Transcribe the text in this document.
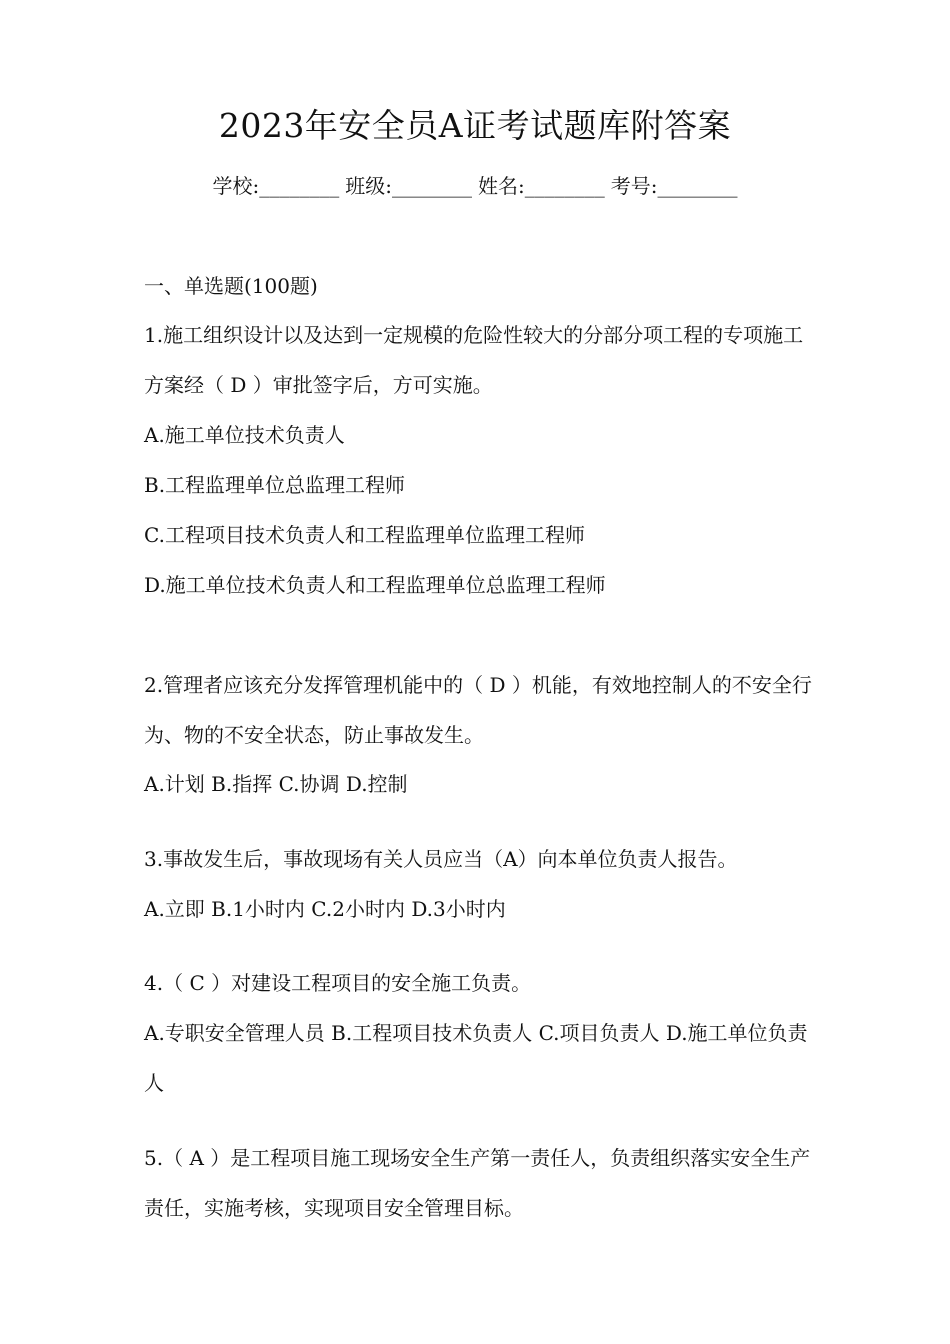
2023年安全员A证考试题库附答案
学校:________ 班级:________ 姓名:________ 考号:________
一、单选题(100题)

1.施工组织设计以及达到一定规模的危险性较大的分部分项工程的专项施工方案经（ D ）审批签字后，方可实施。

A.施工单位技术负责人
B.工程监理单位总监理工程师
C.工程项目技术负责人和工程监理单位监理工程师
D.施工单位技术负责人和工程监理单位总监理工程师

2.管理者应该充分发挥管理机能中的（ D ）机能，有效地控制人的不安全行为、物的不安全状态，防止事故发生。

A.计划 B.指挥 C.协调 D.控制

3.事故发生后，事故现场有关人员应当（A）向本单位负责人报告。

A.立即 B.1小时内 C.2小时内 D.3小时内

4.（ C ）对建设工程项目的安全施工负责。

A.专职安全管理人员 B.工程项目技术负责人 C.项目负责人 D.施工单位负责人

5.（ A ）是工程项目施工现场安全生产第一责任人，负责组织落实安全生产责任，实施考核，实现项目安全管理目标。
